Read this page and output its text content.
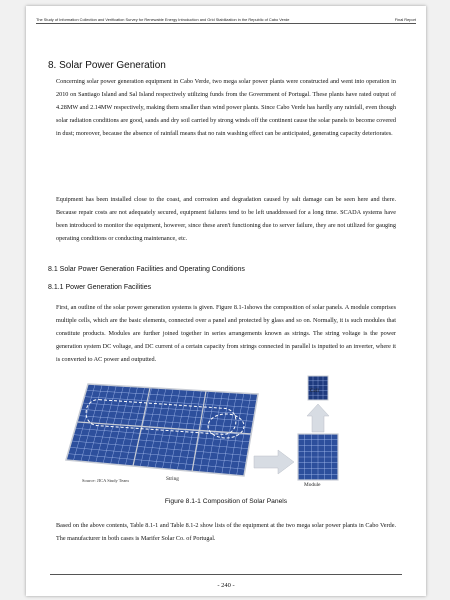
The Study of Information Collection and Verification Survey for Renewable Energy Introduction and Grid Stabilization in the Republic of Cabo Verde	Final Report
8. Solar Power Generation

Concerning solar power generation equipment in Cabo Verde, two mega solar power plants were constructed and went into operation in 2010 on Santiago Island and Sal Island respectively utilizing funds from the Government of Portugal. These plants have rated output of 4.28MW and 2.14MW respectively, making them smaller than wind power plants. Since Cabo Verde has hardly any rainfall, even though solar radiation conditions are good, sands and dry soil carried by strong winds off the continent cause the solar panels to become covered in dust; moreover, because the absence of rainfall means that no rain washing effect can be anticipated, generating capacity deteriorates.

Equipment has been installed close to the coast, and corrosion and degradation caused by salt damage can be seen here and there. Because repair costs are not adequately secured, equipment failures tend to be left unaddressed for a long time. SCADA systems have been introduced to monitor the equipment, however, since these aren't functioning due to server failure, they are not utilized for gauging operating conditions or conducting maintenance, etc.

8.1 Solar Power Generation Facilities and Operating Conditions
8.1.1 Power Generation Facilities

First, an outline of the solar power generation systems is given. Figure 8.1-1shows the composition of solar panels. A module comprises multiple cells, which are the basic elements, connected over a panel and protected by glass and so on. Normally, it is such modules that constitute products. Modules are further joined together in series arrangements known as strings. The string voltage is the power generation system DC voltage, and DC current of a certain capacity from strings connected in parallel is inputted to an inverter, where it is converted to AC power and outputted.

Cell
String
Module
Source: JICA Study Team
Figure 8.1-1 Composition of Solar Panels

Based on the above contents, Table 8.1-1 and Table 8.1-2 show lists of the equipment at the two mega solar power plants in Cabo Verde. The manufacturer in both cases is Marifer Solar Co. of Portugal.

- 240 -
